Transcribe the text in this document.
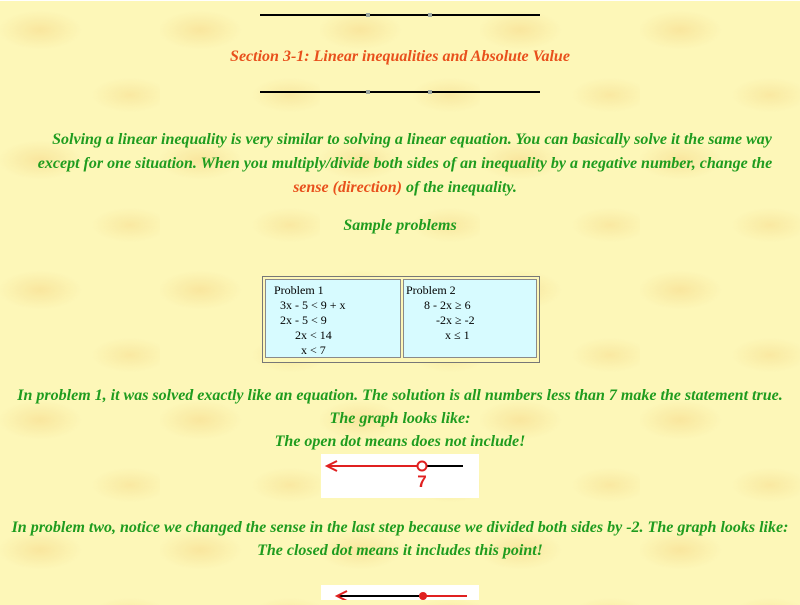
Section 3-1: Linear inequalities and Absolute Value
Solving a linear inequality is very similar to solving a linear equation. You can basically solve it the same way except for one situation. When you multiply/divide both sides of an inequality by a negative number, change the sense (direction) of the inequality.
Sample problems
Problem 1
3x - 5 < 9 + x
2x - 5 < 9
2x < 14
x < 7
Problem 2
8 - 2x ≥ 6
-2x ≥ -2
x ≤ 1
In problem 1, it was solved exactly like an equation. The solution is all numbers less than 7 make the statement true. The graph looks like:
The open dot means does not include!
7
In problem two, notice we changed the sense in the last step because we divided both sides by -2. The graph looks like:
The closed dot means it includes this point!
